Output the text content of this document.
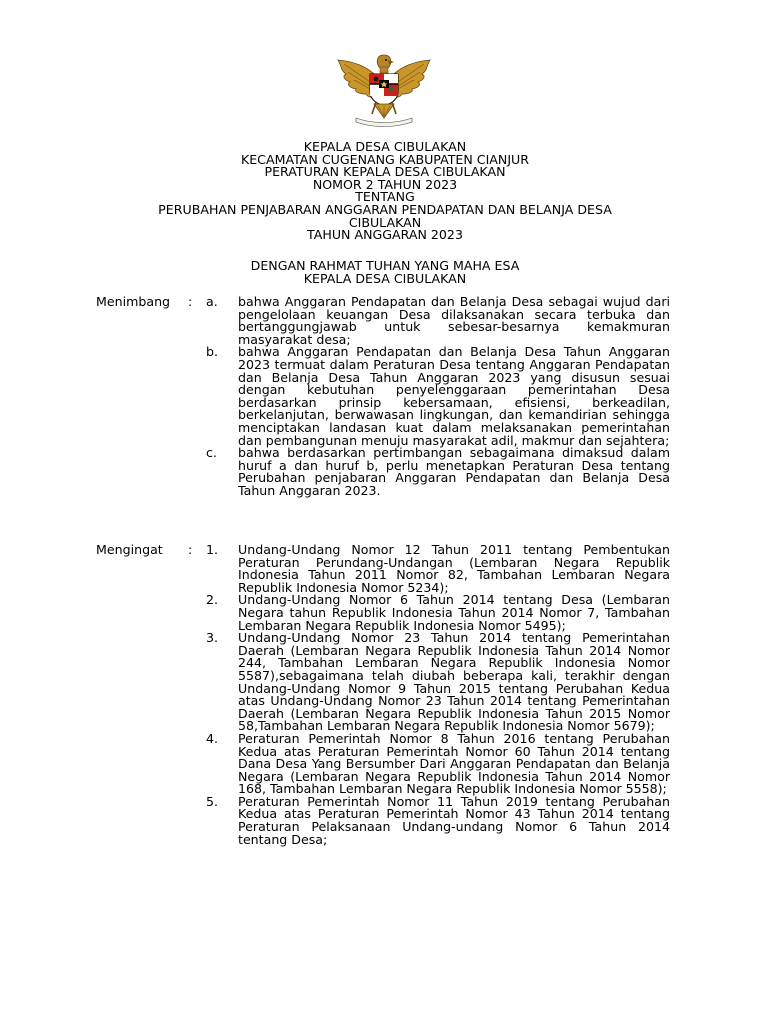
KEPALA DESA CIBULAKAN
KECAMATAN CUGENANG KABUPATEN CIANJUR
PERATURAN KEPALA DESA CIBULAKAN
NOMOR 2 TAHUN 2023
TENTANG
PERUBAHAN PENJABARAN ANGGARAN PENDAPATAN DAN BELANJA DESA
CIBULAKAN
TAHUN ANGGARAN 2023
DENGAN RAHMAT TUHAN YANG MAHA ESA
KEPALA DESA CIBULAKAN
Menimbang : a. bahwa Anggaran Pendapatan dan Belanja Desa sebagai wujud dari pengelolaan keuangan Desa dilaksanakan secara terbuka dan bertanggungjawab untuk sebesar-besarnya kemakmuran masyarakat desa;
b. bahwa Anggaran Pendapatan dan Belanja Desa Tahun Anggaran 2023 termuat dalam Peraturan Desa tentang Anggaran Pendapatan dan Belanja Desa Tahun Anggaran 2023 yang disusun sesuai dengan kebutuhan penyelenggaraan pemerintahan Desa berdasarkan prinsip kebersamaan, efisiensi, berkeadilan, berkelanjutan, berwawasan lingkungan, dan kemandirian sehingga menciptakan landasan kuat dalam melaksanakan pemerintahan dan pembangunan menuju masyarakat adil, makmur dan sejahtera;
c. bahwa berdasarkan pertimbangan sebagaimana dimaksud dalam huruf a dan huruf b, perlu menetapkan Peraturan Desa tentang Perubahan penjabaran Anggaran Pendapatan dan Belanja Desa Tahun Anggaran 2023.
Mengingat	: 1. Undang-Undang Nomor 12 Tahun 2011 tentang Pembentukan Peraturan Perundang-Undangan (Lembaran Negara Republik Indonesia Tahun 2011 Nomor 82, Tambahan Lembaran Negara Republik Indonesia Nomor 5234);
2. Undang-Undang Nomor 6 Tahun 2014 tentang Desa (Lembaran Negara tahun Republik Indonesia Tahun 2014 Nomor 7, Tambahan Lembaran Negara Republik Indonesia Nomor 5495);
3. Undang-Undang Nomor 23 Tahun 2014 tentang Pemerintahan Daerah (Lembaran Negara Republik Indonesia Tahun 2014 Nomor 244, Tambahan Lembaran Negara Republik Indonesia Nomor 5587),sebagaimana telah diubah beberapa kali, terakhir dengan Undang-Undang Nomor 9 Tahun 2015 tentang Perubahan Kedua atas Undang-Undang Nomor 23 Tahun 2014 tentang Pemerintahan Daerah (Lembaran Negara Republik Indonesia Tahun 2015 Nomor 58,Tambahan Lembaran Negara Republik Indonesia Nomor 5679);
4. Peraturan Pemerintah Nomor 8 Tahun 2016 tentang Perubahan Kedua atas Peraturan Pemerintah Nomor 60 Tahun 2014 tentang Dana Desa Yang Bersumber Dari Anggaran Pendapatan dan Belanja Negara (Lembaran Negara Republik Indonesia Tahun 2014 Nomor 168, Tambahan Lembaran Negara Republik Indonesia Nomor 5558);
5. Peraturan Pemerintah Nomor 11 Tahun 2019 tentang Perubahan Kedua atas Peraturan Pemerintah Nomor 43 Tahun 2014 tentang Peraturan Pelaksanaan Undang-undang Nomor 6 Tahun 2014 tentang Desa;
